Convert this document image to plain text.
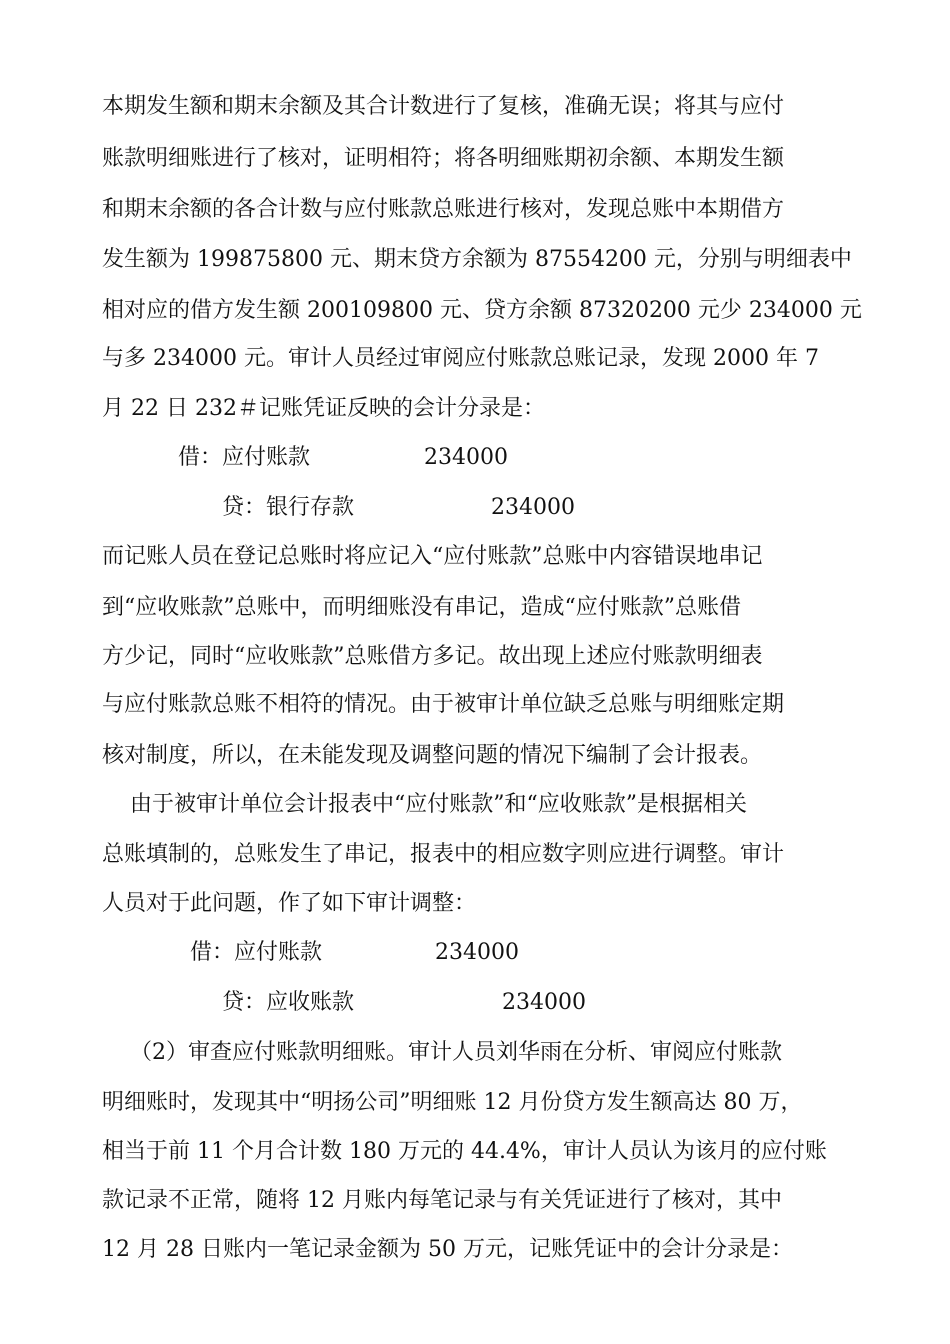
本期发生额和期末余额及其合计数进行了复核，准确无误；将其与应付
账款明细账进行了核对，证明相符；将各明细账期初余额、本期发生额
和期末余额的各合计数与应付账款总账进行核对，发现总账中本期借方
发生额为 199875800 元、期末贷方余额为 87554200 元，分别与明细表中
相对应的借方发生额 200109800 元、贷方余额 87320200 元少 234000 元
与多 234000 元。审计人员经过审阅应付账款总账记录，发现 2000 年 7
月 22 日 232＃记账凭证反映的会计分录是：
借：应付账款	234000
贷：银行存款	234000
而记账人员在登记总账时将应记入“应付账款”总账中内容错误地串记
到“应收账款”总账中，而明细账没有串记，造成“应付账款”总账借
方少记，同时“应收账款”总账借方多记。故出现上述应付账款明细表
与应付账款总账不相符的情况。由于被审计单位缺乏总账与明细账定期
核对制度，所以，在未能发现及调整问题的情况下编制了会计报表。
由于被审计单位会计报表中“应付账款”和“应收账款”是根据相关
总账填制的，总账发生了串记，报表中的相应数字则应进行调整。审计
人员对于此问题，作了如下审计调整：
借：应付账款	234000
贷：应收账款	234000
（2）审查应付账款明细账。审计人员刘华雨在分析、审阅应付账款
明细账时，发现其中“明扬公司”明细账 12 月份贷方发生额高达 80 万，
相当于前 11 个月合计数 180 万元的 44.4%，审计人员认为该月的应付账
款记录不正常，随将 12 月账内每笔记录与有关凭证进行了核对，其中
12 月 28 日账内一笔记录金额为 50 万元，记账凭证中的会计分录是：
